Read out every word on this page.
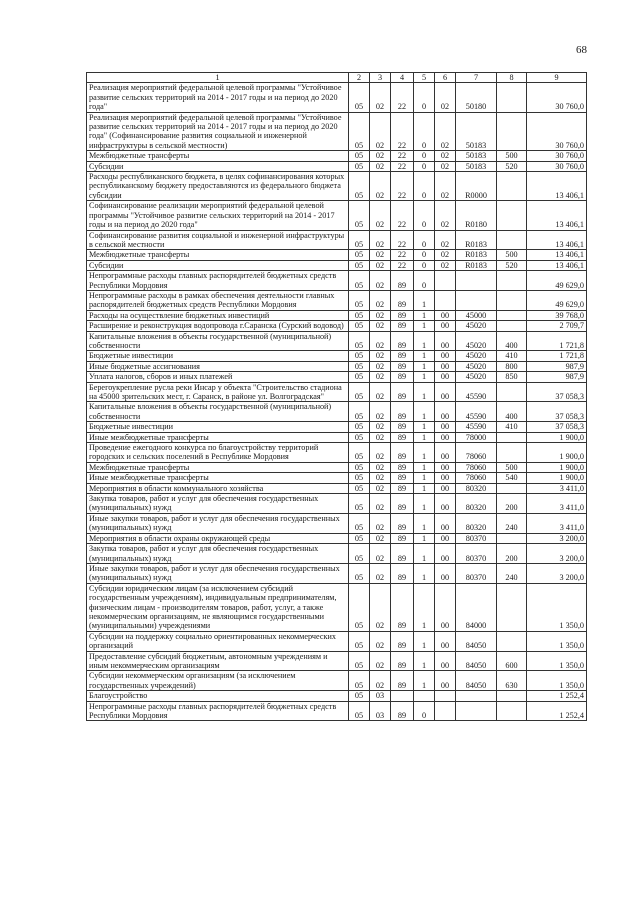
68
1	2	3	4	5	6	7	8	9
Реализация мероприятий федеральной целевой программы "Устойчивое развитие сельских территорий на 2014 - 2017 годы и на период до 2020 года"	05	02	22	0	02	50180		30 760,0
Реализация мероприятий федеральной целевой программы "Устойчивое развитие сельских территорий на 2014 - 2017 годы и на период до 2020 года" (Софинансирование развития социальной и инженерной инфраструктуры в сельской местности)	05	02	22	0	02	50183		30 760,0
Межбюджетные трансферты	05	02	22	0	02	50183	500	30 760,0
Субсидии	05	02	22	0	02	50183	520	30 760,0
Расходы республиканского бюджета, в целях софинансирования которых республиканскому бюджету предоставляются из федерального бюджета субсидии	05	02	22	0	02	R0000		13 406,1
Софинансирование реализации мероприятий федеральной целевой программы "Устойчивое развитие сельских территорий на 2014 - 2017 годы и на период до 2020 года"	05	02	22	0	02	R0180		13 406,1
Софинансирование развития социальной и инженерной инфраструктуры в сельской местности	05	02	22	0	02	R0183		13 406,1
Межбюджетные трансферты	05	02	22	0	02	R0183	500	13 406,1
Субсидии	05	02	22	0	02	R0183	520	13 406,1
Непрограммные расходы главных распорядителей бюджетных средств Республики Мордовия	05	02	89	0				49 629,0
Непрограммные расходы в рамках обеспечения деятельности главных распорядителей бюджетных средств Республики Мордовия	05	02	89	1				49 629,0
Расходы на осуществление бюджетных инвестиций	05	02	89	1	00	45000		39 768,0
Расширение и реконструкция водопровода г.Саранска (Сурский водовод)	05	02	89	1	00	45020		2 709,7
Капитальные вложения в объекты государственной (муниципальной) собственности	05	02	89	1	00	45020	400	1 721,8
Бюджетные инвестиции	05	02	89	1	00	45020	410	1 721,8
Иные бюджетные ассигнования	05	02	89	1	00	45020	800	987,9
Уплата налогов, сборов и иных платежей	05	02	89	1	00	45020	850	987,9
Берегоукрепление русла реки Инсар у объекта "Строительство стадиона на 45000 зрительских мест, г. Саранск, в районе ул. Волгоградская"	05	02	89	1	00	45590		37 058,3
Капитальные вложения в объекты государственной (муниципальной) собственности	05	02	89	1	00	45590	400	37 058,3
Бюджетные инвестиции	05	02	89	1	00	45590	410	37 058,3
Иные межбюджетные трансферты	05	02	89	1	00	78000		1 900,0
Проведение ежегодного конкурса по благоустройству территорий городских и сельских поселений в Республике Мордовия	05	02	89	1	00	78060		1 900,0
Межбюджетные трансферты	05	02	89	1	00	78060	500	1 900,0
Иные межбюджетные трансферты	05	02	89	1	00	78060	540	1 900,0
Мероприятия в области коммунального хозяйства	05	02	89	1	00	80320		3 411,0
Закупка товаров, работ и услуг для обеспечения государственных (муниципальных) нужд	05	02	89	1	00	80320	200	3 411,0
Иные закупки товаров, работ и услуг для обеспечения государственных (муниципальных) нужд	05	02	89	1	00	80320	240	3 411,0
Мероприятия в области охраны окружающей среды	05	02	89	1	00	80370		3 200,0
Закупка товаров, работ и услуг для обеспечения государственных (муниципальных) нужд	05	02	89	1	00	80370	200	3 200,0
Иные закупки товаров, работ и услуг для обеспечения государственных (муниципальных) нужд	05	02	89	1	00	80370	240	3 200,0
Субсидии юридическим лицам (за исключением субсидий государственным учреждениям), индивидуальным предпринимателям, физическим лицам - производителям товаров, работ, услуг, а также некоммерческим организациям, не являющимся государственными (муниципальными) учреждениями	05	02	89	1	00	84000		1 350,0
Субсидии на поддержку социально ориентированных некоммерческих организаций	05	02	89	1	00	84050		1 350,0
Предоставление субсидий бюджетным, автономным учреждениям и иным некоммерческим организациям	05	02	89	1	00	84050	600	1 350,0
Субсидии некоммерческим организациям (за исключением государственных учреждений)	05	02	89	1	00	84050	630	1 350,0
Благоустройство	05	03						1 252,4
Непрограммные расходы главных распорядителей бюджетных средств Республики Мордовия	05	03	89	0				1 252,4
